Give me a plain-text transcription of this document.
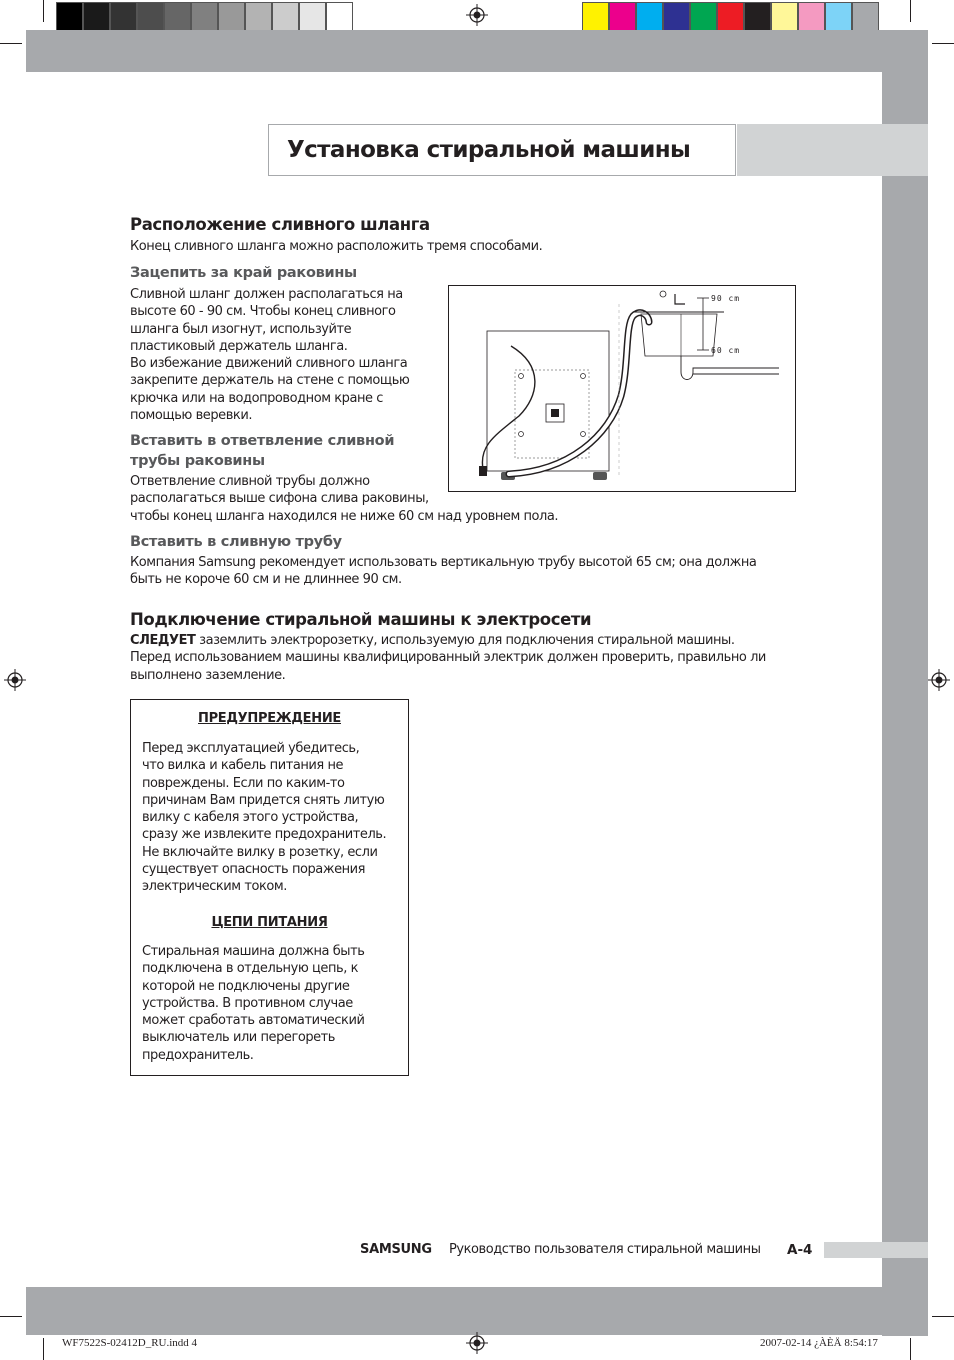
Установка стиральной машины
Расположение сливного шланга
Конец сливного шланга можно расположить тремя способами.
Зацепить за край раковины
Сливной шланг должен располагаться на
высоте 60 - 90 см. Чтобы конец сливного
шланга был изогнут, используйте
пластиковый держатель шланга.
Во избежание движений сливного шланга
закрепите держатель на стене с помощью
крючка или на водопроводном кране с
помощью веревки.
Вставить в ответвление сливной
трубы раковины
Ответвление сливной трубы должно
располагаться выше сифона слива раковины,
чтобы конец шланга находился не ниже 60 см над уровнем пола.
Вставить в сливную трубу
Компания Samsung рекомендует использовать вертикальную трубу высотой 65 см; она должна
быть не короче 60 см и не длиннее 90 см.
90 cm
60 cm
Подключение стиральной машины к электросети
СЛЕДУЕТ заземлить электророзетку, используемую для подключения стиральной машины.
Перед использованием машины квалифицированный электрик должен проверить, правильно ли
выполнено заземление.
ПРЕДУПРЕЖДЕНИЕ
Перед эксплуатацией убедитесь,
что вилка и кабель питания не
повреждены. Если по каким-то
причинам Вам придется снять литую
вилку с кабеля этого устройства,
сразу же извлеките предохранитель.
Не включайте вилку в розетку, если
существует опасность поражения
электрическим током.
ЦЕПИ ПИТАНИЯ
Стиральная машина должна быть
подключена в отдельную цепь, к
которой не подключены другие
устройства. В противном случае
может сработать автоматический
выключатель или перегореть
предохранитель.
SAMSUNG Руководство пользователя стиральной машины A-4
WF7522S-02412D_RU.indd 4	2007-02-14 ¿ÀÈÄ 8:54:17
